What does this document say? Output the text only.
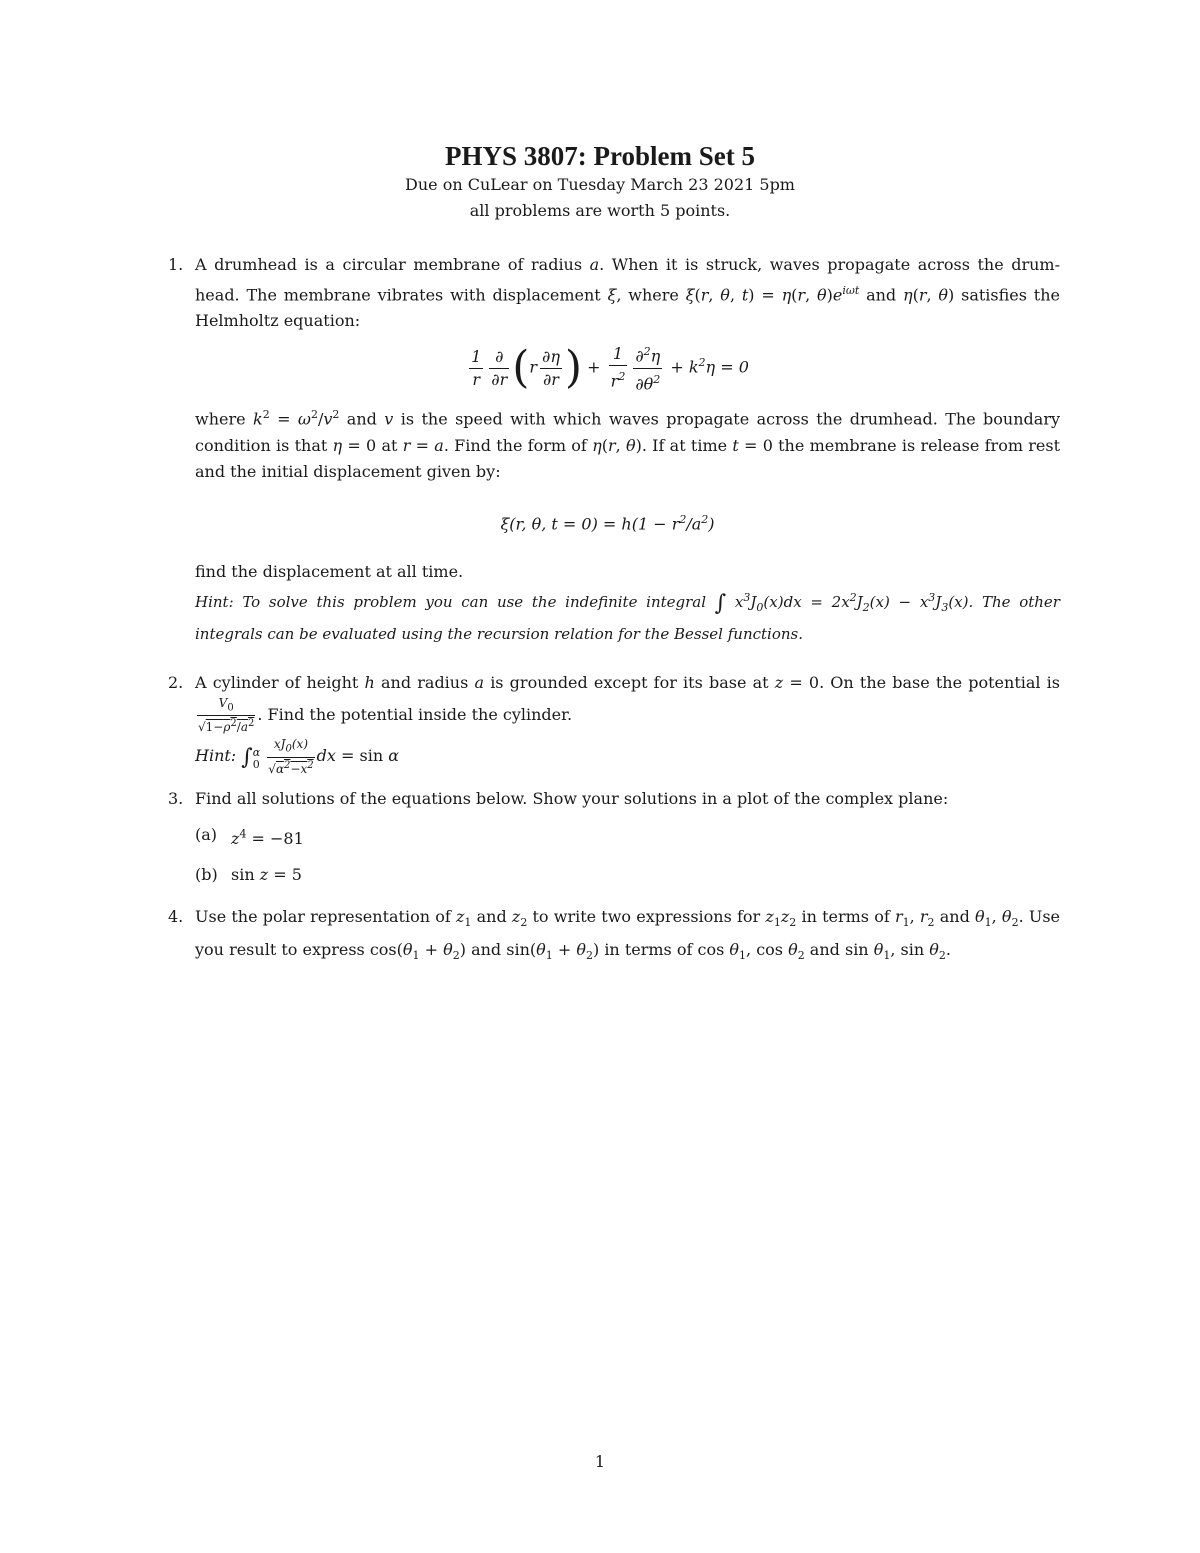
PHYS 3807: Problem Set 5

Due on CuLear on Tuesday March 23 2021 5pm

all problems are worth 5 points.

1. A drumhead is a circular membrane of radius a. When it is struck, waves propagate across the drum-head. The membrane vibrates with displacement ξ, where ξ(r, θ, t) = η(r, $\theta)e^{i\omega t}$ and η(r, θ) satisfies the Helmholtz equation:

$\frac{1}{r} \frac{\partial}{\partial r} (r \frac{\partial\eta}{\partial r}$ ) + $\frac{1}{r^2} \frac{\partial^2\eta}{\partial\theta^2} + k^2\eta = 0$

where $k^2 = \omega^2/v^2$ and v is the speed with which waves propagate across the drumhead. The boundary condition is that η = 0 at r = a. Find the form of η(r, θ). If at time t = 0 the membrane is release from rest and the initial displacement given by:

ξ(r, θ, $t = 0) = h(1 - r^2/a^2)$

find the displacement at all time.

Hint: To solve this problem you can use the indefinite integral ∫ $x^3J_0(x)dx = 2x^2J_2(x) - x^3J_3(x)$. The other integrals can be evaluated using the recursion relation for the Bessel functions.

2. A cylinder of height h and radius a is grounded except for its base at z = 0. On the base the potential is
$\frac{V_0}{√1-\rho^2/a^2}$ . Find the potential inside the cylinder.

Hint: ∫α
$0 \frac{xJ_0(x)}{√\alpha^2-x^2}$ dx = sin α

3. Find all solutions of the equations below. Show your solutions in a plot of the complex plane:

(a) $z^4 = -81$

(b) sin z = 5

4. Use the polar representation of $z_1$ and $z_2$ to write two expressions for $z_1z_2$ in terms of $r_1$, $r_2$ and $\theta_1$, $\theta_2$. Use you result to express $\cos(\theta_1 + \theta_2)$ and $\sin(\theta_1 + \theta_2)$ in terms of $\cos \theta_1$, $\cos \theta_2$ and $\sin \theta_1$, $\sin \theta_2$.

1
